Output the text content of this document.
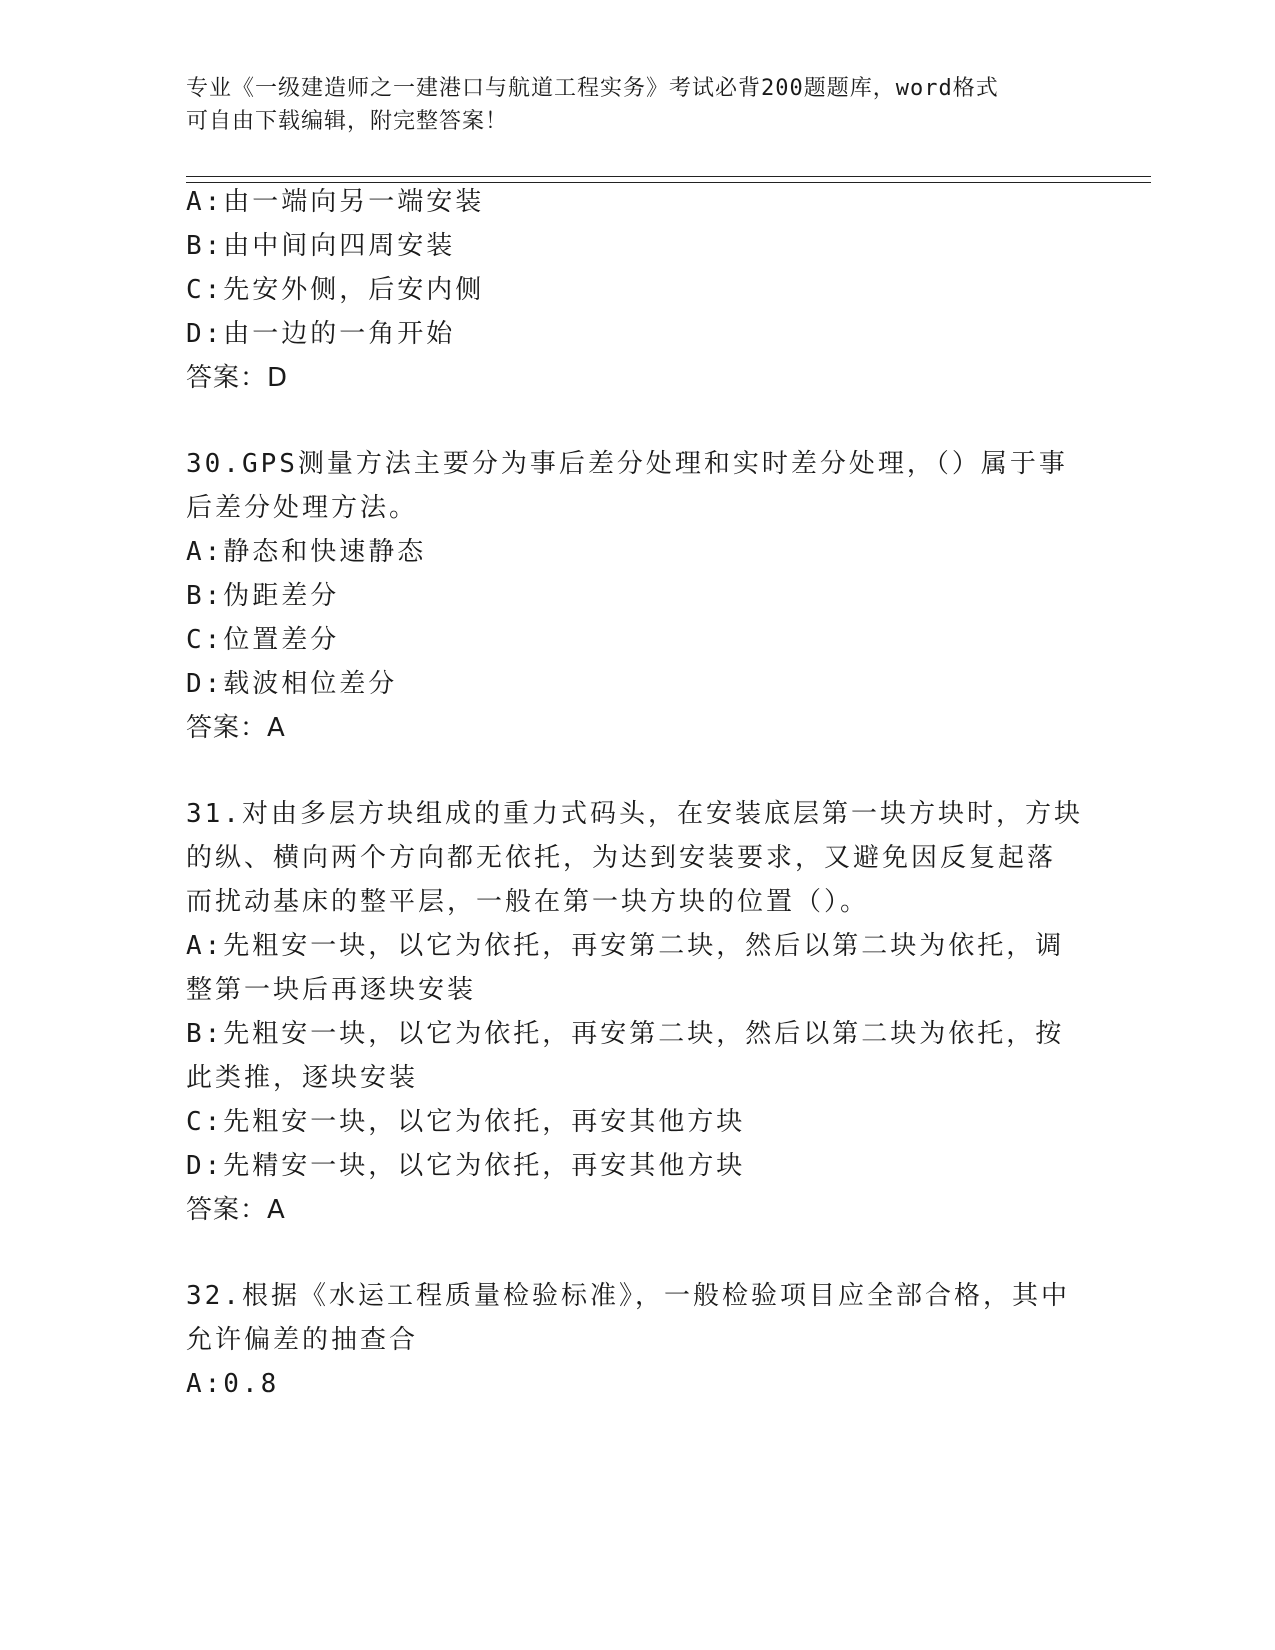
专业《一级建造师之一建港口与航道工程实务》考试必背200题题库，word格式
可自由下载编辑，附完整答案！
A:由一端向另一端安装
B:由中间向四周安装
C:先安外侧，后安内侧
D:由一边的一角开始
答案：D
30.GPS测量方法主要分为事后差分处理和实时差分处理，（）属于事
后差分处理方法。
A:静态和快速静态
B:伪距差分
C:位置差分
D:载波相位差分
答案：A
31.对由多层方块组成的重力式码头，在安装底层第一块方块时，方块
的纵、横向两个方向都无依托，为达到安装要求，又避免因反复起落
而扰动基床的整平层，一般在第一块方块的位置（）。
A:先粗安一块，以它为依托，再安第二块，然后以第二块为依托，调
整第一块后再逐块安装
B:先粗安一块，以它为依托，再安第二块，然后以第二块为依托，按
此类推，逐块安装
C:先粗安一块，以它为依托，再安其他方块
D:先精安一块，以它为依托，再安其他方块
答案：A
32.根据《水运工程质量检验标准》，一般检验项目应全部合格，其中
允许偏差的抽查合
A:0.8
